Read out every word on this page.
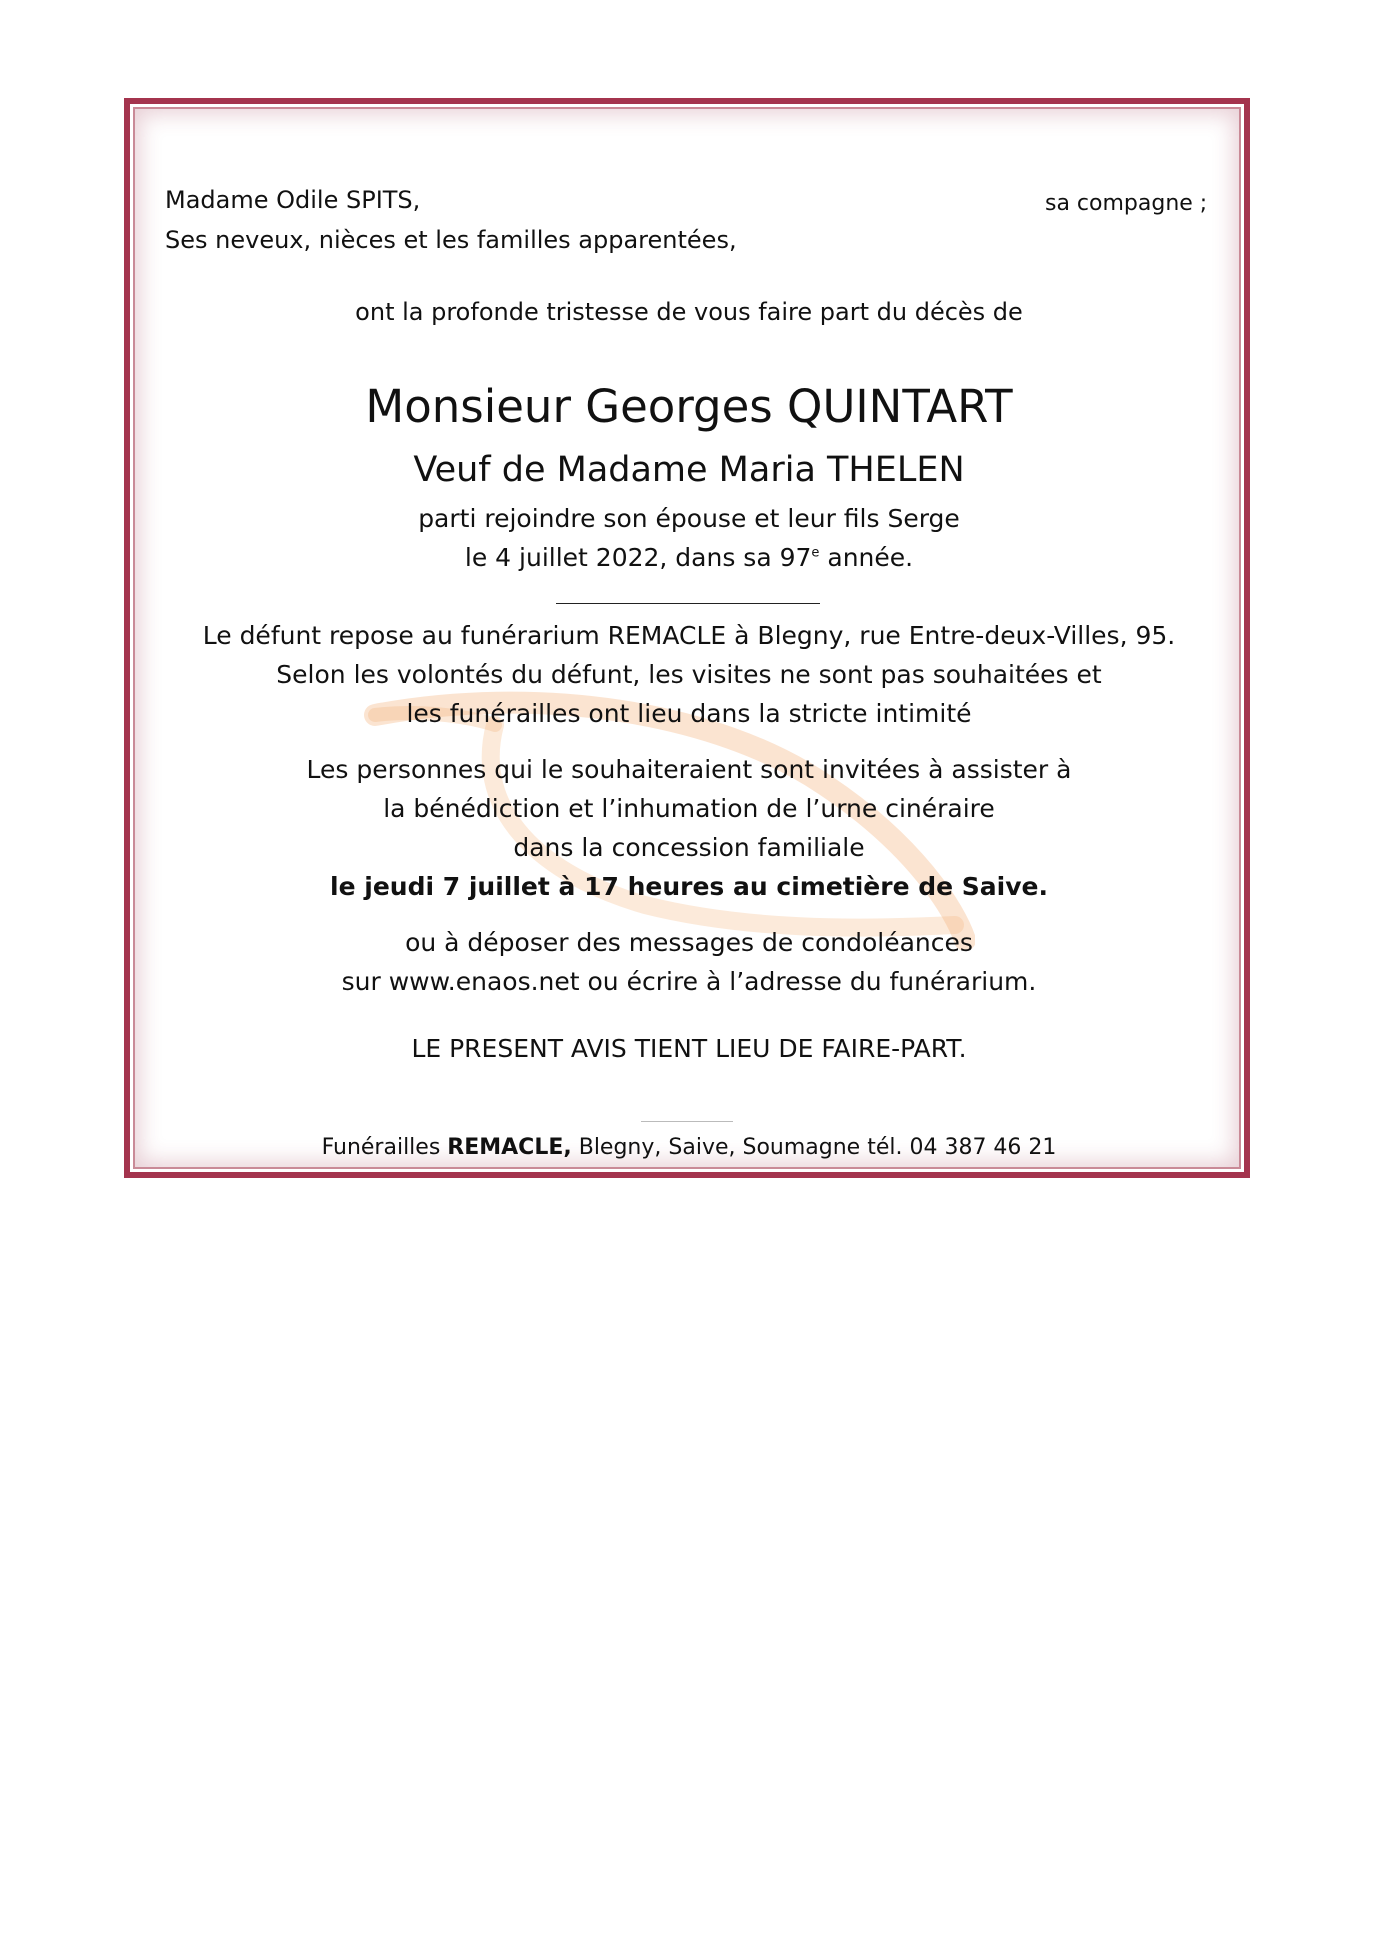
Madame Odile SPITS,
Ses neveux, nièces et les familles apparentées,
sa compagne ;
ont la profonde tristesse de vous faire part du décès de
Monsieur Georges QUINTART
Veuf de Madame Maria THELEN
parti rejoindre son épouse et leur fils Serge
le 4 juillet 2022, dans sa 97e année.
Le défunt repose au funérarium REMACLE à Blegny, rue Entre-deux-Villes, 95.
Selon les volontés du défunt, les visites ne sont pas souhaitées et
les funérailles ont lieu dans la stricte intimité
Les personnes qui le souhaiteraient sont invitées à assister à
la bénédiction et l’inhumation de l’urne cinéraire
dans la concession familiale
le jeudi 7 juillet à 17 heures au cimetière de Saive.
ou à déposer des messages de condoléances
sur www.enaos.net ou écrire à l’adresse du funérarium.
LE PRESENT AVIS TIENT LIEU DE FAIRE-PART.
Funérailles REMACLE, Blegny, Saive, Soumagne tél. 04 387 46 21
